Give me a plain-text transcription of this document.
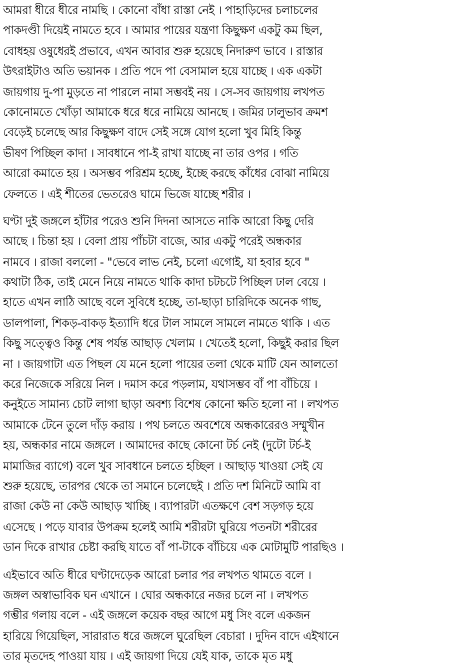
আমরা ধীরে ধীরে নামছি । কোনো বাঁধা রাস্তা নেই । পাহাড়িদের চলাচলের
পাকদণ্ডী দিয়েই নামতে হবে । আমার পায়ের যন্ত্রণা কিছুক্ষণ একটু কম ছিল,
বোধহয় ওষুধেরই প্রভাবে, এখন আবার শুরু হয়েছে নিদারুণ ভাবে । রাস্তার
উৎরাইটাও অতি ভয়ানক । প্রতি পদে পা বেসামাল হয়ে যাচ্ছে । এক একটা
জায়গায় দু-পা মুড়তে না পারলে নামা সম্ভবই নয় । সে-সব জায়গায় লখপত
কোনোমতে খোঁড়া আমাকে ধরে ধরে নামিয়ে আনছে । জমির ঢালুভাব ক্রমশ
বেড়েই চলেছে আর কিছুক্ষণ বাদে সেই সঙ্গে যোগ হলো খুব মিহি কিন্তু
ভীষণ পিচ্ছিল কাদা । সাবধানে পা-ই রাখা যাচ্ছে না তার ওপর । গতি
আরো কমাতে হয় । অসম্ভব পরিশ্রম হচ্ছে, ইচ্ছে করছে কাঁধের বোঝা নামিয়ে
ফেলতে । এই শীতের ভেতরেও ঘামে ভিজে যাচ্ছে শরীর ।
ঘণ্টা দুই জঙ্গলে হাঁটার পরেও শুনি দিদনা আসতে নাকি আরো কিছু দেরি
আছে । চিন্তা হয় । বেলা প্রায় পাঁচটা বাজে, আর একটু পরেই অন্ধকার
নামবে । রাজা বললো - "ভেবে লাভ নেই, চলো এগোই, যা হবার হবে "
কথাটা ঠিক, তাই মেনে নিয়ে নামতে থাকি কাদা চটচটে পিচ্ছিল ঢাল বেয়ে ।
হাতে এখন লাঠি আছে বলে সুবিধে হচ্ছে, তা-ছাড়া চারিদিকে অনেক গাছ,
ডালপালা, শিকড়-বাকড় ইত্যাদি ধরে টাল সামলে সামলে নামতে থাকি । এত
কিছু সত্ত্বেও কিন্তু শেষ পর্যন্ত আছাড় খেলাম । খেতেই হলো, কিছুই করার ছিল
না । জায়গাটা এত পিছল যে মনে হলো পায়ের তলা থেকে মাটি যেন আলতো
করে নিজেকে সরিয়ে নিল । দমাস করে পড়লাম, যথাসম্ভব বাঁ পা বাঁচিয়ে ।
কনুইতে সামান্য চোট লাগা ছাড়া অবশ্য বিশেষ কোনো ক্ষতি হলো না । লখপত
আমাকে টেনে তুলে দাঁড় করায় । পথ চলতে অবশেষে অন্ধকারেরও সম্মুখীন
হয়, অন্ধকার নামে জঙ্গলে । আমাদের কাছে কোনো টর্চ নেই (দুটো টর্চ-ই
মামাজির ব্যাগে) বলে খুব সাবধানে চলতে হচ্ছিল । আছাড় খাওয়া সেই যে
শুরু হয়েছে, তারপর থেকে তা সমানে চলেছেই । প্রতি দশ মিনিটে আমি বা
রাজা কেউ না কেউ আছাড় খাচ্ছি । ব্যাপারটা এতক্ষণে বেশ সড়গড় হয়ে
এসেছে । পড়ে যাবার উপক্রম হলেই আমি শরীরটা ঘুরিয়ে পতনটা শরীরের
ডান দিকে রাখার চেষ্টা করছি যাতে বাঁ পা-টাকে বাঁচিয়ে এক মোটামুটি পারছিও ।
এইভাবে অতি ধীরে ঘণ্টাদেড়েক আরো চলার পর লখপত থামতে বলে ।
জঙ্গল অস্বাভাবিক ঘন এখানে । ঘোর অন্ধকারে নজর চলে না । লখপত
গম্ভীর গলায় বলে - এই জঙ্গলে কয়েক বছর আগে মধু সিং বলে একজন
হারিয়ে গিয়েছিল, সারারাত ধরে জঙ্গলে ঘুরেছিল বেচারা । দুদিন বাদে এইখানে
তার মৃতদেহ পাওয়া যায় । এই জায়গা দিয়ে যেই যাক, তাকে মৃত মধু
